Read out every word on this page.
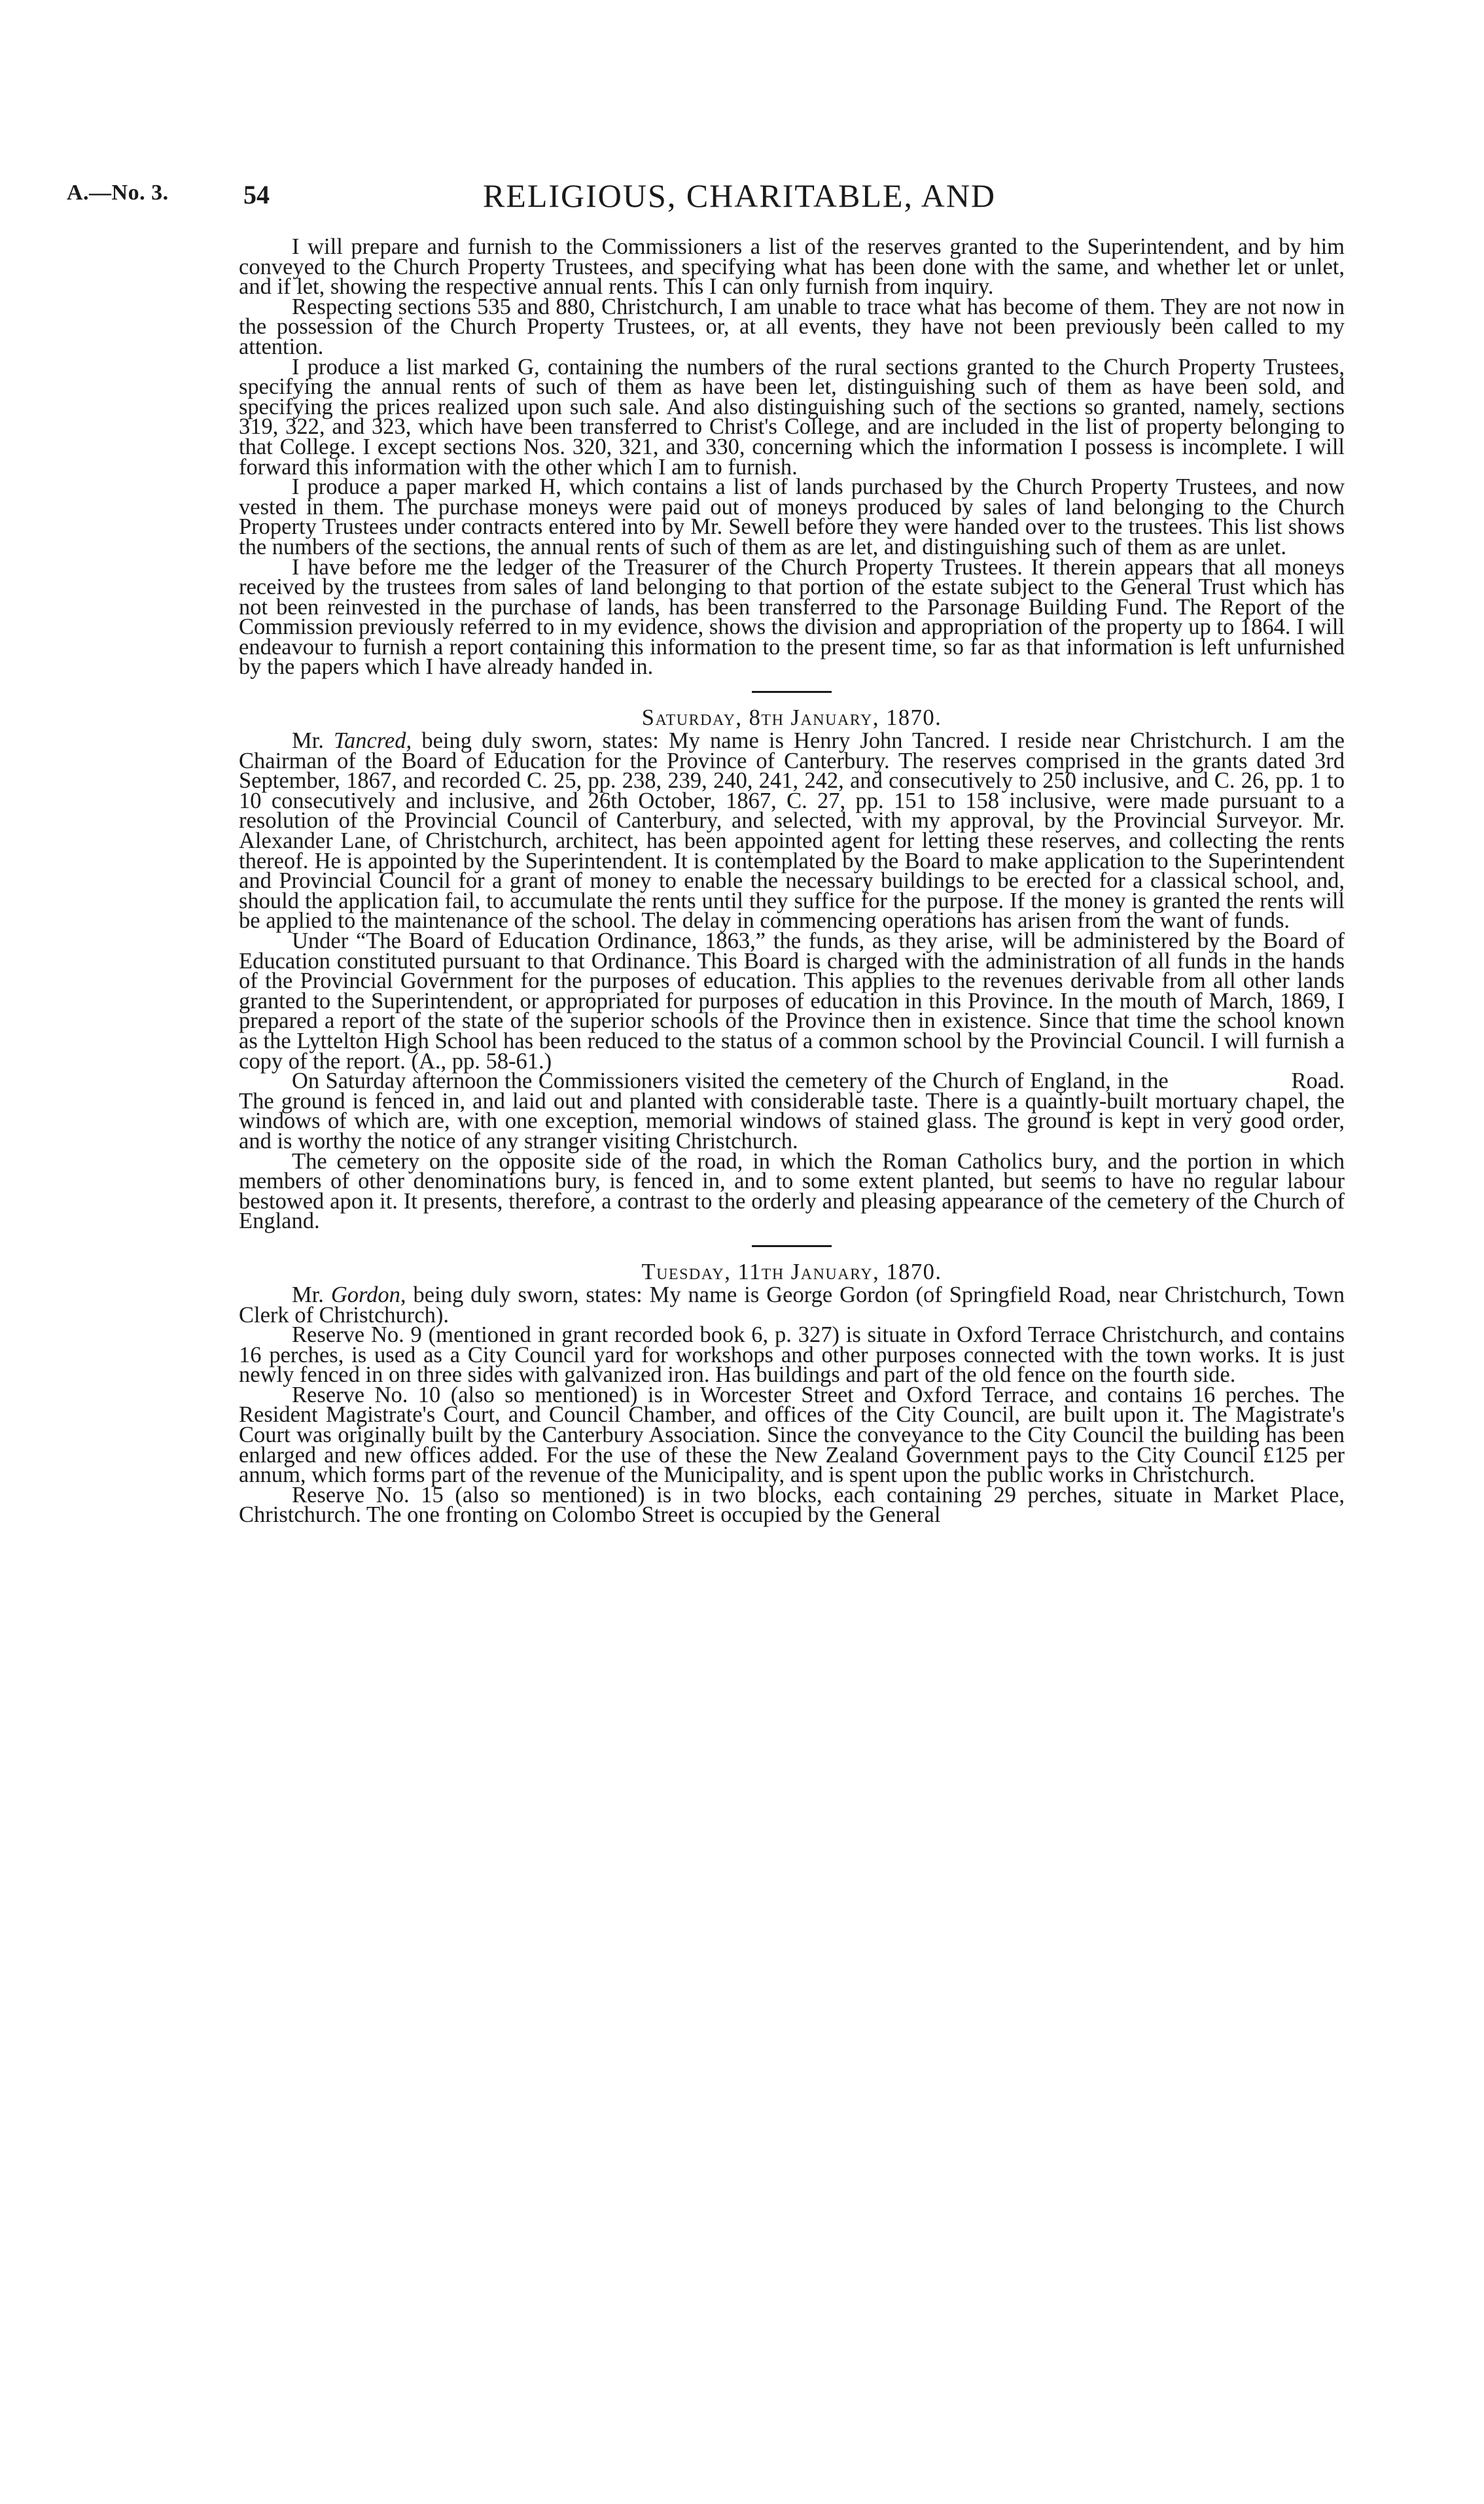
A.—No. 3.	54	RELIGIOUS, CHARITABLE, AND

I will prepare and furnish to the Commissioners a list of the reserves granted to the Superintendent, and by him conveyed to the Church Property Trustees, and specifying what has been done with the same, and whether let or unlet, and if let, showing the respective annual rents. This I can only furnish from inquiry.

Respecting sections 535 and 880, Christchurch, I am unable to trace what has become of them. They are not now in the possession of the Church Property Trustees, or, at all events, they have not been previously been called to my attention.

I produce a list marked G, containing the numbers of the rural sections granted to the Church Property Trustees, specifying the annual rents of such of them as have been let, distinguishing such of them as have been sold, and specifying the prices realized upon such sale. And also distinguishing such of the sections so granted, namely, sections 319, 322, and 323, which have been transferred to Christ's College, and are included in the list of property belonging to that College. I except sections Nos. 320, 321, and 330, concerning which the information I possess is incomplete. I will forward this information with the other which I am to furnish.

I produce a paper marked H, which contains a list of lands purchased by the Church Property Trustees, and now vested in them. The purchase moneys were paid out of moneys produced by sales of land belonging to the Church Property Trustees under contracts entered into by Mr. Sewell before they were handed over to the trustees. This list shows the numbers of the sections, the annual rents of such of them as are let, and distinguishing such of them as are unlet.

I have before me the ledger of the Treasurer of the Church Property Trustees. It therein appears that all moneys received by the trustees from sales of land belonging to that portion of the estate subject to the General Trust which has not been reinvested in the purchase of lands, has been transferred to the Parsonage Building Fund. The Report of the Commission previously referred to in my evidence, shows the division and appropriation of the property up to 1864. I will endeavour to furnish a report containing this information to the present time, so far as that information is left unfurnished by the papers which I have already handed in.

Saturday, 8th January, 1870.

Mr. Tancred, being duly sworn, states: My name is Henry John Tancred. I reside near Christchurch. I am the Chairman of the Board of Education for the Province of Canterbury. The reserves comprised in the grants dated 3rd September, 1867, and recorded C. 25, pp. 238, 239, 240, 241, 242, and consecutively to 250 inclusive, and C. 26, pp. 1 to 10 consecutively and inclusive, and 26th October, 1867, C. 27, pp. 151 to 158 inclusive, were made pursuant to a resolution of the Provincial Council of Canterbury, and selected, with my approval, by the Provincial Surveyor. Mr. Alexander Lane, of Christchurch, architect, has been appointed agent for letting these reserves, and collecting the rents thereof. He is appointed by the Superintendent. It is contemplated by the Board to make application to the Superintendent and Provincial Council for a grant of money to enable the necessary buildings to be erected for a classical school, and, should the application fail, to accumulate the rents until they suffice for the purpose. If the money is granted the rents will be applied to the maintenance of the school. The delay in commencing operations has arisen from the want of funds.

Under “The Board of Education Ordinance, 1863,” the funds, as they arise, will be administered by the Board of Education constituted pursuant to that Ordinance. This Board is charged with the administration of all funds in the hands of the Provincial Government for the purposes of education. This applies to the revenues derivable from all other lands granted to the Superintendent, or appropriated for purposes of education in this Province. In the mouth of March, 1869, I prepared a report of the state of the superior schools of the Province then in existence. Since that time the school known as the Lyttelton High School has been reduced to the status of a common school by the Provincial Council. I will furnish a copy of the report. (A., pp. 58-61.)

On Saturday afternoon the Commissioners visited the cemetery of the Church of England, in the                    Road. The ground is fenced in, and laid out and planted with considerable taste. There is a quaintly-built mortuary chapel, the windows of which are, with one exception, memorial windows of stained glass. The ground is kept in very good order, and is worthy the notice of any stranger visiting Christchurch.

The cemetery on the opposite side of the road, in which the Roman Catholics bury, and the portion in which members of other denominations bury, is fenced in, and to some extent planted, but seems to have no regular labour bestowed apon it. It presents, therefore, a contrast to the orderly and pleasing appearance of the cemetery of the Church of England.

Tuesday, 11th January, 1870.

Mr. Gordon, being duly sworn, states: My name is George Gordon (of Springfield Road, near Christchurch, Town Clerk of Christchurch).

Reserve No. 9 (mentioned in grant recorded book 6, p. 327) is situate in Oxford Terrace Christchurch, and contains 16 perches, is used as a City Council yard for workshops and other purposes connected with the town works. It is just newly fenced in on three sides with galvanized iron. Has buildings and part of the old fence on the fourth side.

Reserve No. 10 (also so mentioned) is in Worcester Street and Oxford Terrace, and contains 16 perches. The Resident Magistrate's Court, and Council Chamber, and offices of the City Council, are built upon it. The Magistrate's Court was originally built by the Canterbury Association. Since the conveyance to the City Council the building has been enlarged and new offices added. For the use of these the New Zealand Government pays to the City Council £125 per annum, which forms part of the revenue of the Municipality, and is spent upon the public works in Christchurch.

Reserve No. 15 (also so mentioned) is in two blocks, each containing 29 perches, situate in Market Place, Christchurch. The one fronting on Colombo Street is occupied by the General
